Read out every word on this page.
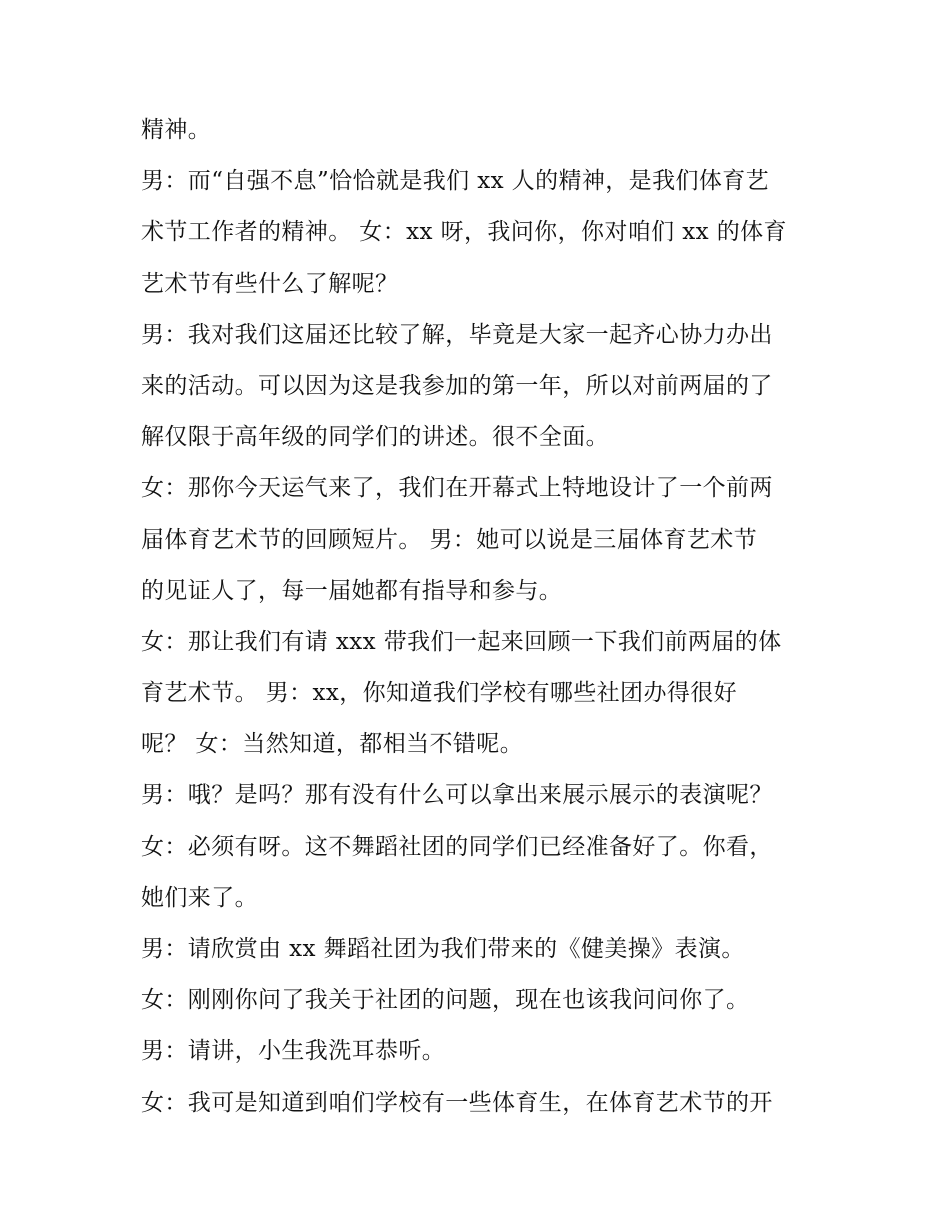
精神。
男：而“自强不息”恰恰就是我们 xx 人的精神，是我们体育艺
术节工作者的精神。 女：xx 呀，我问你，你对咱们 xx 的体育
艺术节有些什么了解呢？
男：我对我们这届还比较了解，毕竟是大家一起齐心协力办出
来的活动。可以因为这是我参加的第一年，所以对前两届的了
解仅限于高年级的同学们的讲述。很不全面。
女：那你今天运气来了，我们在开幕式上特地设计了一个前两
届体育艺术节的回顾短片。 男：她可以说是三届体育艺术节
的见证人了，每一届她都有指导和参与。
女：那让我们有请 xxx 带我们一起来回顾一下我们前两届的体
育艺术节。 男：xx，你知道我们学校有哪些社团办得很好
呢？ 女：当然知道，都相当不错呢。
男：哦？是吗？那有没有什么可以拿出来展示展示的表演呢？
女：必须有呀。这不舞蹈社团的同学们已经准备好了。你看，
她们来了。
男：请欣赏由 xx 舞蹈社团为我们带来的《健美操》表演。
女：刚刚你问了我关于社团的问题，现在也该我问问你了。
男：请讲，小生我洗耳恭听。
女：我可是知道到咱们学校有一些体育生，在体育艺术节的开
